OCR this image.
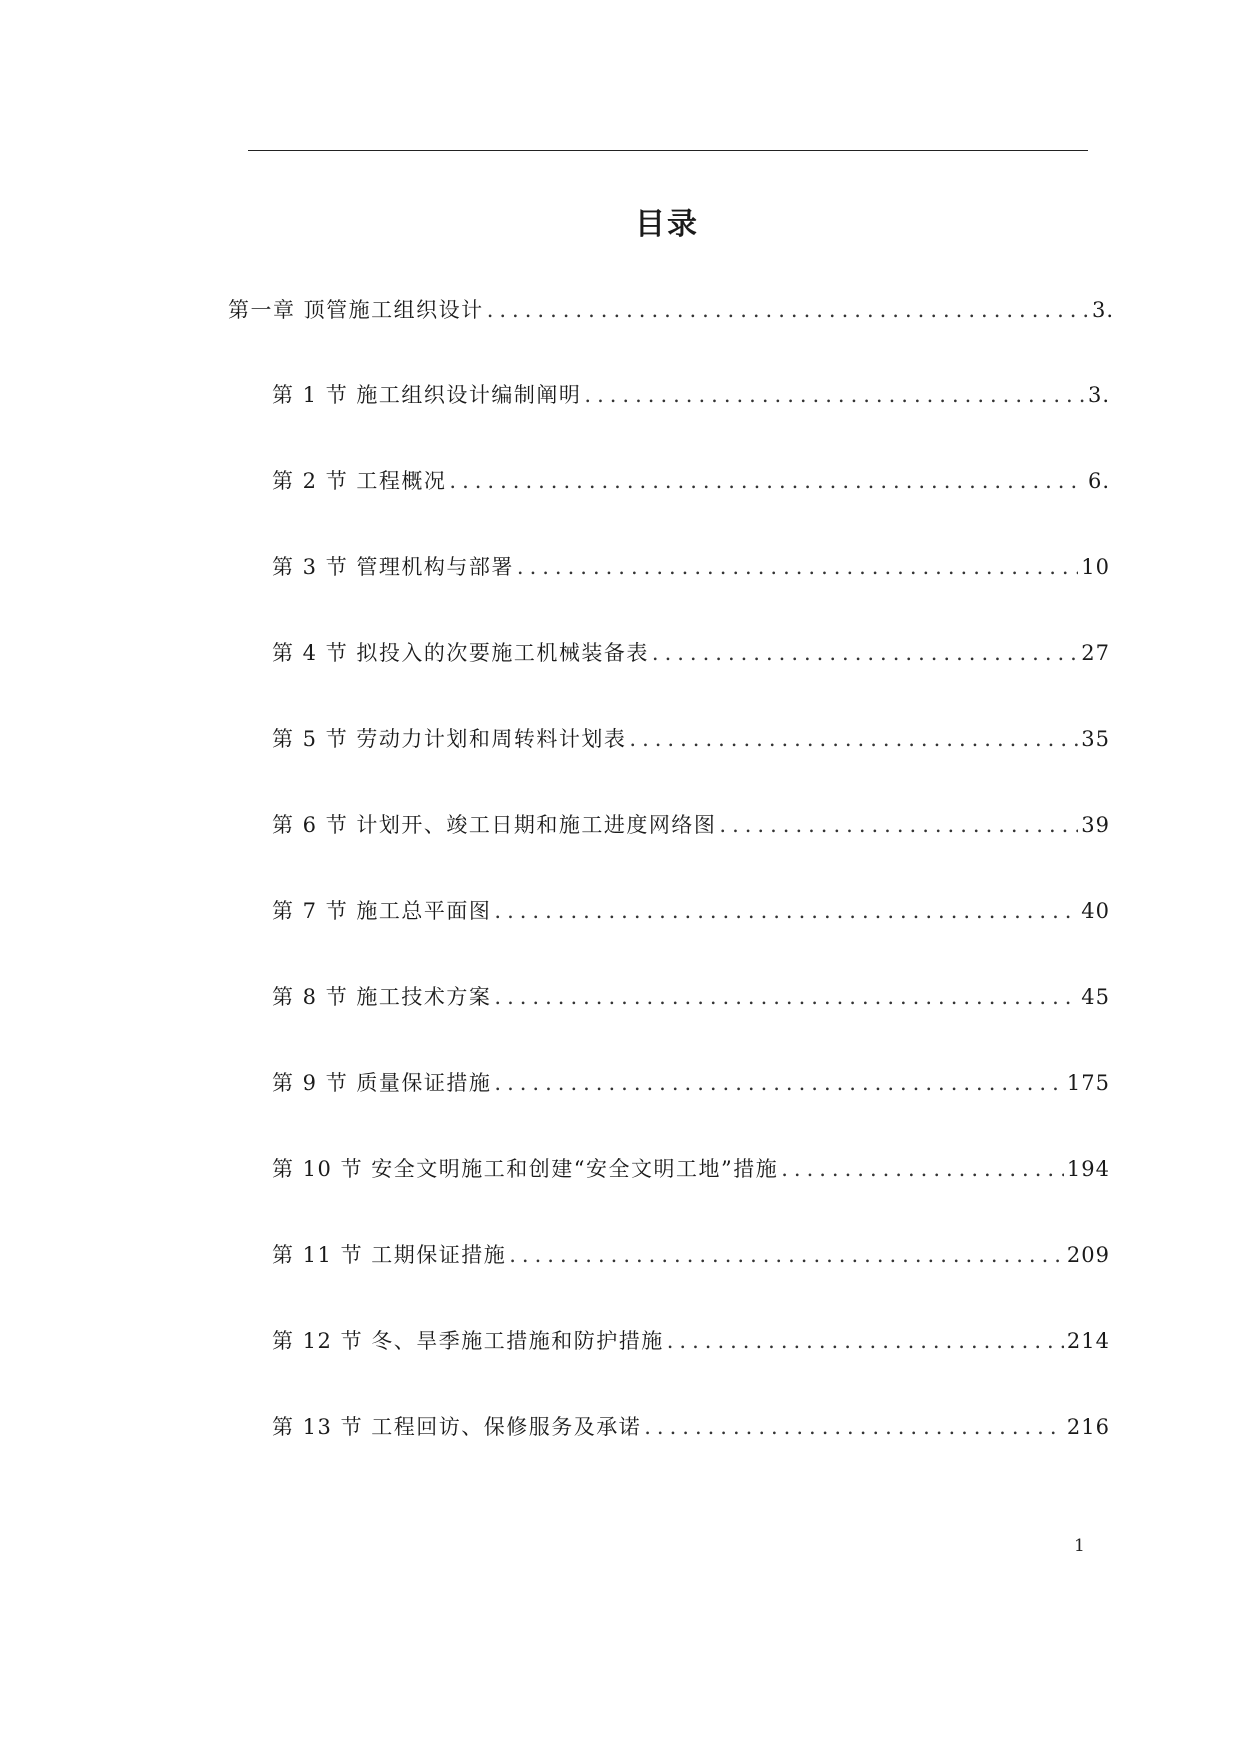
目录
第一章 顶管施工组织设计 .....	3.
第 1 节 施工组织设计编制阐明 .....	3.
第 2 节 工程概况 .....	6.
第 3 节 管理机构与部署 .....	10
第 4 节 拟投入的次要施工机械装备表 .....	27
第 5 节 劳动力计划和周转料计划表 .....	35
第 6 节 计划开、竣工日期和施工进度网络图 .....	39
第 7 节 施工总平面图 .....	40
第 8 节 施工技术方案 .....	45
第 9 节 质量保证措施 .....	175
第 10 节 安全文明施工和创建“安全文明工地”措施 .....	194
第 11 节 工期保证措施 .....	209
第 12 节 冬、旱季施工措施和防护措施 .....	214
第 13 节 工程回访、保修服务及承诺 .....	216
1
